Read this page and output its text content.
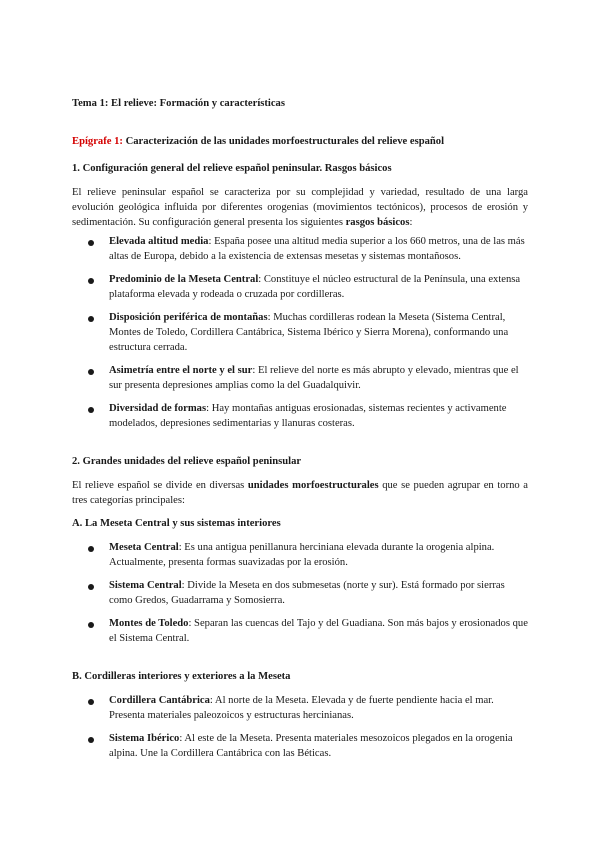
Tema 1: El relieve: Formación y características
Epígrafe 1: Caracterización de las unidades morfoestructurales del relieve español
1. Configuración general del relieve español peninsular. Rasgos básicos

El relieve peninsular español se caracteriza por su complejidad y variedad, resultado de una larga evolución geológica influida por diferentes orogenias (movimientos tectónicos), procesos de erosión y sedimentación. Su configuración general presenta los siguientes rasgos básicos:

Elevada altitud media: España posee una altitud media superior a los 660 metros, una de las más altas de Europa, debido a la existencia de extensas mesetas y sistemas montañosos.
Predominio de la Meseta Central: Constituye el núcleo estructural de la Península, una extensa plataforma elevada y rodeada o cruzada por cordilleras.
Disposición periférica de montañas: Muchas cordilleras rodean la Meseta (Sistema Central, Montes de Toledo, Cordillera Cantábrica, Sistema Ibérico y Sierra Morena), conformando una estructura cerrada.
Asimetría entre el norte y el sur: El relieve del norte es más abrupto y elevado, mientras que el sur presenta depresiones amplias como la del Guadalquivir.
Diversidad de formas: Hay montañas antiguas erosionadas, sistemas recientes y activamente modelados, depresiones sedimentarias y llanuras costeras.
2. Grandes unidades del relieve español peninsular

El relieve español se divide en diversas unidades morfoestructurales que se pueden agrupar en torno a tres categorías principales:

A. La Meseta Central y sus sistemas interiores
Meseta Central: Es una antigua penillanura herciniana elevada durante la orogenia alpina. Actualmente, presenta formas suavizadas por la erosión.
Sistema Central: Divide la Meseta en dos submesetas (norte y sur). Está formado por sierras como Gredos, Guadarrama y Somosierra.
Montes de Toledo: Separan las cuencas del Tajo y del Guadiana. Son más bajos y erosionados que el Sistema Central.
B. Cordilleras interiores y exteriores a la Meseta
Cordillera Cantábrica: Al norte de la Meseta. Elevada y de fuerte pendiente hacia el mar. Presenta materiales paleozoicos y estructuras hercinianas.
Sistema Ibérico: Al este de la Meseta. Presenta materiales mesozoicos plegados en la orogenia alpina. Une la Cordillera Cantábrica con las Béticas.
